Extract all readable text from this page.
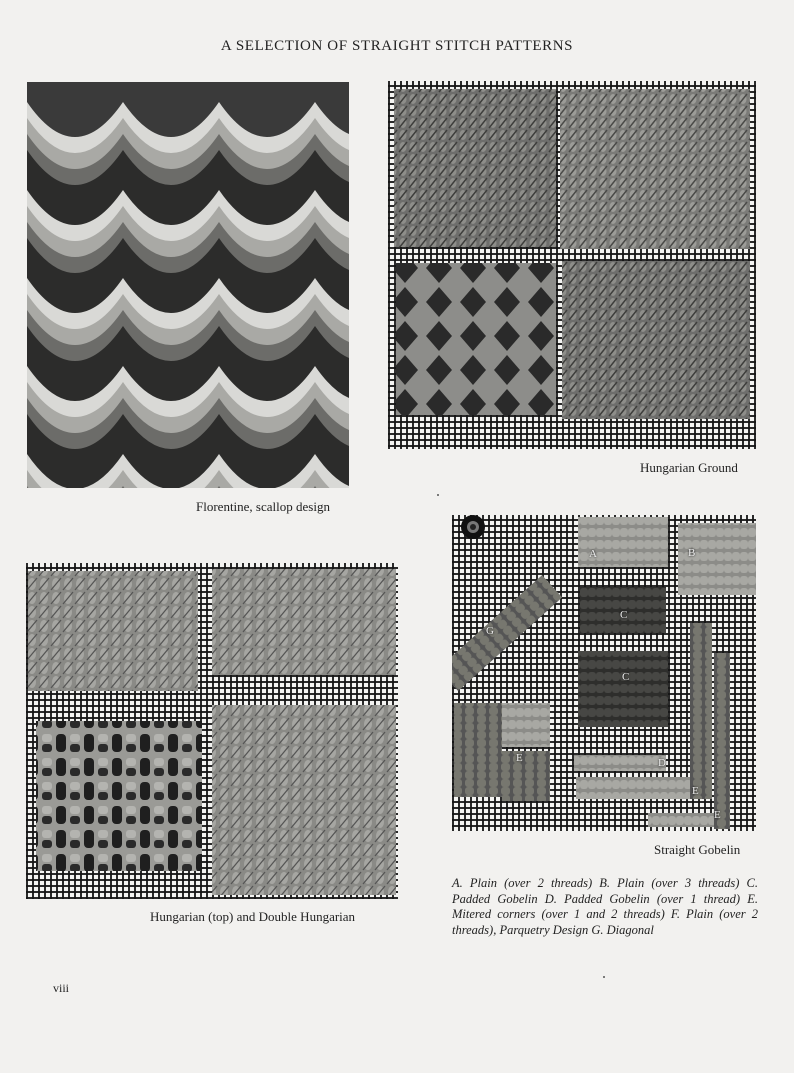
A SELECTION OF STRAIGHT STITCH PATTERNS
Florentine, scallop design
Hungarian Ground
Hungarian (top) and Double Hungarian
A	B
C
C
D
E
E
E
G
Straight Gobelin
A. Plain (over 2 threads) B. Plain (over 3 threads) C. Padded Gobelin D. Padded Gobelin (over 1 thread) E. Mitered corners (over 1 and 2 threads) F. Plain (over 2 threads), Parquetry Design G. Diagonal
viii
